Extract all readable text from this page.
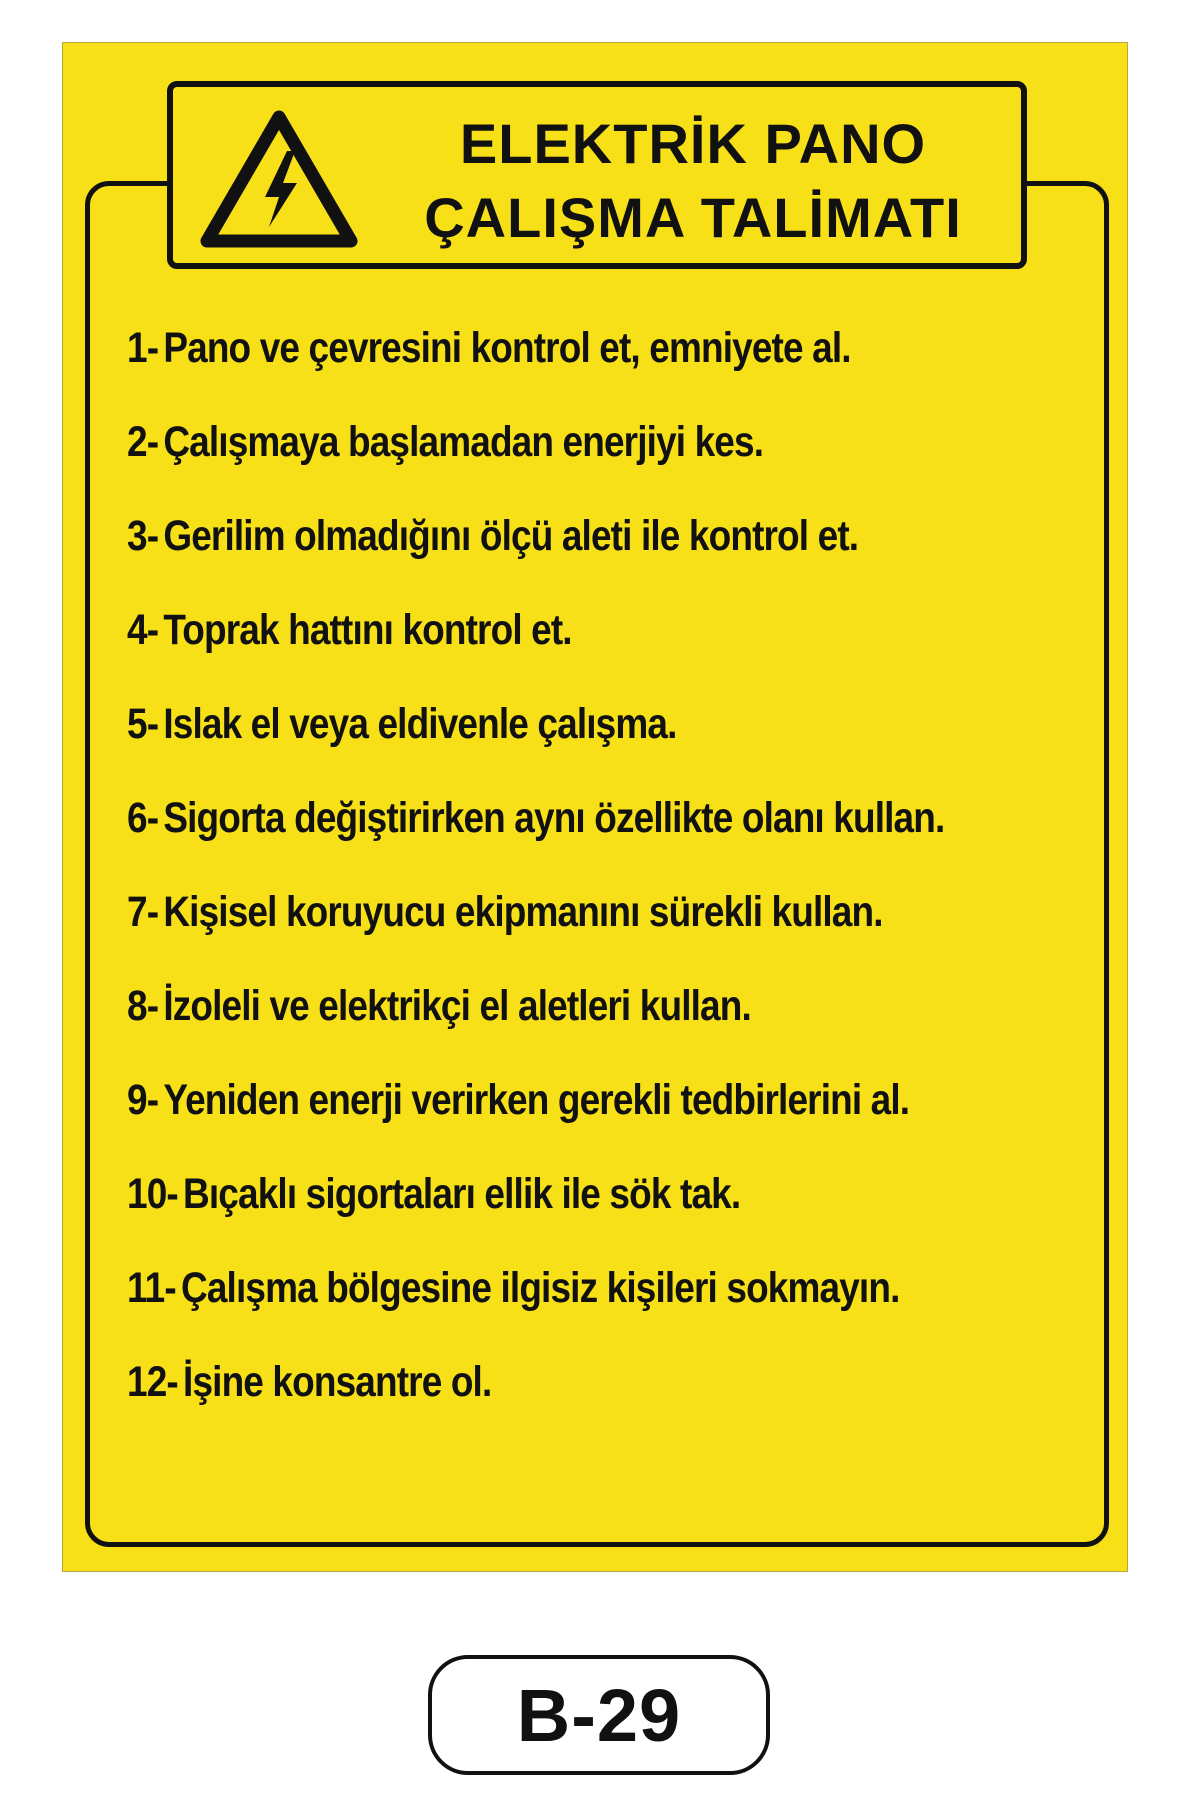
ELEKTRİK PANO
ÇALIŞMA TALİMATI
1- Pano ve çevresini kontrol et, emniyete al.
2- Çalışmaya başlamadan enerjiyi kes.
3- Gerilim olmadığını ölçü aleti ile kontrol et.
4- Toprak hattını kontrol et.
5- Islak el veya eldivenle çalışma.
6- Sigorta değiştirirken aynı özellikte olanı kullan.
7- Kişisel koruyucu ekipmanını sürekli kullan.
8- İzoleli ve elektrikçi el aletleri kullan.
9- Yeniden enerji verirken gerekli tedbirlerini al.
10- Bıçaklı sigortaları ellik ile sök tak.
11- Çalışma bölgesine ilgisiz kişileri sokmayın.
12- İşine konsantre ol.
B-29
